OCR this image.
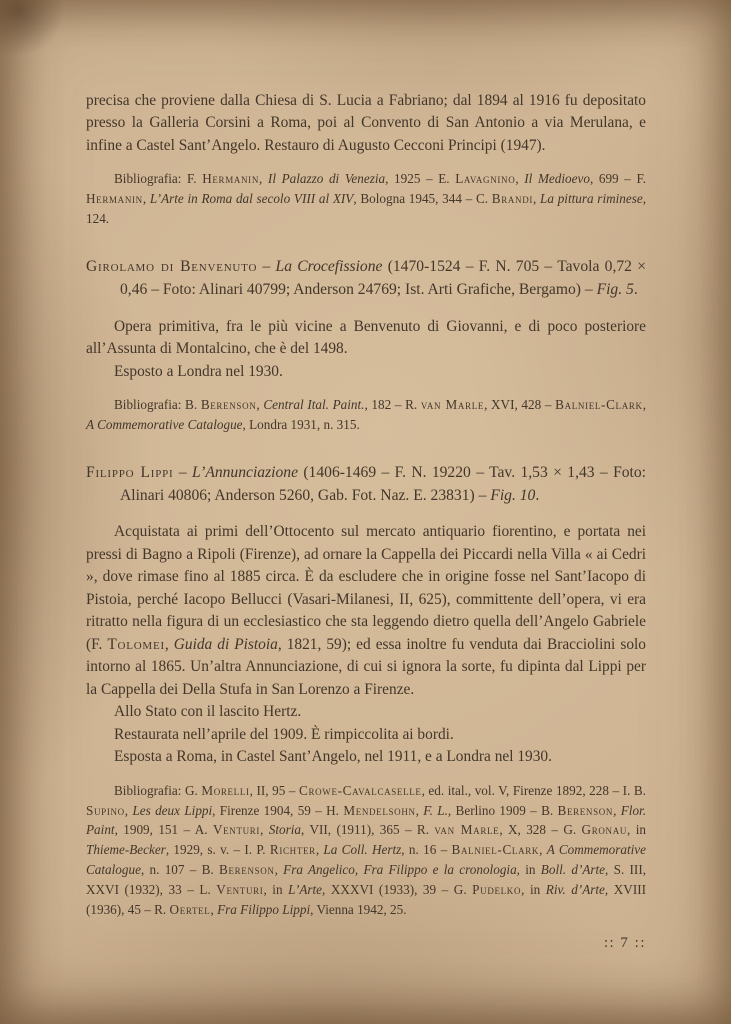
precisa che proviene dalla Chiesa di S. Lucia a Fabriano; dal 1894 al 1916 fu depositato presso la Galleria Corsini a Roma, poi al Convento di San Antonio a via Merulana, e infine a Castel Sant’Angelo. Restauro di Augusto Cecconi Principi (1947).

Bibliografia: F. Hermanin, Il Palazzo di Venezia, 1925 – E. Lavagnino, Il Medioevo, 699 – F. Hermanin, L’Arte in Roma dal secolo VIII al XIV, Bologna 1945, 344 – C. Brandi, La pittura riminese, 124.

Girolamo di Benvenuto – La Crocefissione (1470-1524 – F. N. 705 – Tavola 0,72 × 0,46 – Foto: Alinari 40799; Anderson 24769; Ist. Arti Grafiche, Bergamo) – Fig. 5.

Opera primitiva, fra le più vicine a Benvenuto di Giovanni, e di poco posteriore all’Assunta di Montalcino, che è del 1498.

Esposto a Londra nel 1930.

Bibliografia: B. Berenson, Central Ital. Paint., 182 – R. van Marle, XVI, 428 – Balniel-Clark, A Commemorative Catalogue, Londra 1931, n. 315.

Filippo Lippi – L’Annunciazione (1406-1469 – F. N. 19220 – Tav. 1,53 × 1,43 – Foto: Alinari 40806; Anderson 5260, Gab. Fot. Naz. E. 23831) – Fig. 10.

Acquistata ai primi dell’Ottocento sul mercato antiquario fiorentino, e portata nei pressi di Bagno a Ripoli (Firenze), ad ornare la Cappella dei Piccardi nella Villa « ai Cedri », dove rimase fino al 1885 circa. È da escludere che in origine fosse nel Sant’Iacopo di Pistoia, perché Iacopo Bellucci (Vasari-Milanesi, II, 625), committente dell’opera, vi era ritratto nella figura di un ecclesiastico che sta leggendo dietro quella dell’Angelo Gabriele (F. Tolomei, Guida di Pistoia, 1821, 59); ed essa inoltre fu venduta dai Bracciolini solo intorno al 1865. Un’altra Annunciazione, di cui si ignora la sorte, fu dipinta dal Lippi per la Cappella dei Della Stufa in San Lorenzo a Firenze.

Allo Stato con il lascito Hertz.

Restaurata nell’aprile del 1909. È rimpiccolita ai bordi.

Esposta a Roma, in Castel Sant’Angelo, nel 1911, e a Londra nel 1930.

Bibliografia: G. Morelli, II, 95 – Crowe-Cavalcaselle, ed. ital., vol. V, Firenze 1892, 228 – I. B. Supino, Les deux Lippi, Firenze 1904, 59 – H. Mendelsohn, F. L., Berlino 1909 – B. Berenson, Flor. Paint, 1909, 151 – A. Venturi, Storia, VII, (1911), 365 – R. van Marle, X, 328 – G. Gronau, in Thieme-Becker, 1929, s. v. – I. P. Richter, La Coll. Hertz, n. 16 – Balniel-Clark, A Commemorative Catalogue, n. 107 – B. Berenson, Fra Angelico, Fra Filippo e la cronologia, in Boll. d’Arte, S. III, XXVI (1932), 33 – L. Venturi, in L’Arte, XXXVI (1933), 39 – G. Pudelko, in Riv. d’Arte, XVIII (1936), 45 – R. Oertel, Fra Filippo Lippi, Vienna 1942, 25.

:: 7 ::
